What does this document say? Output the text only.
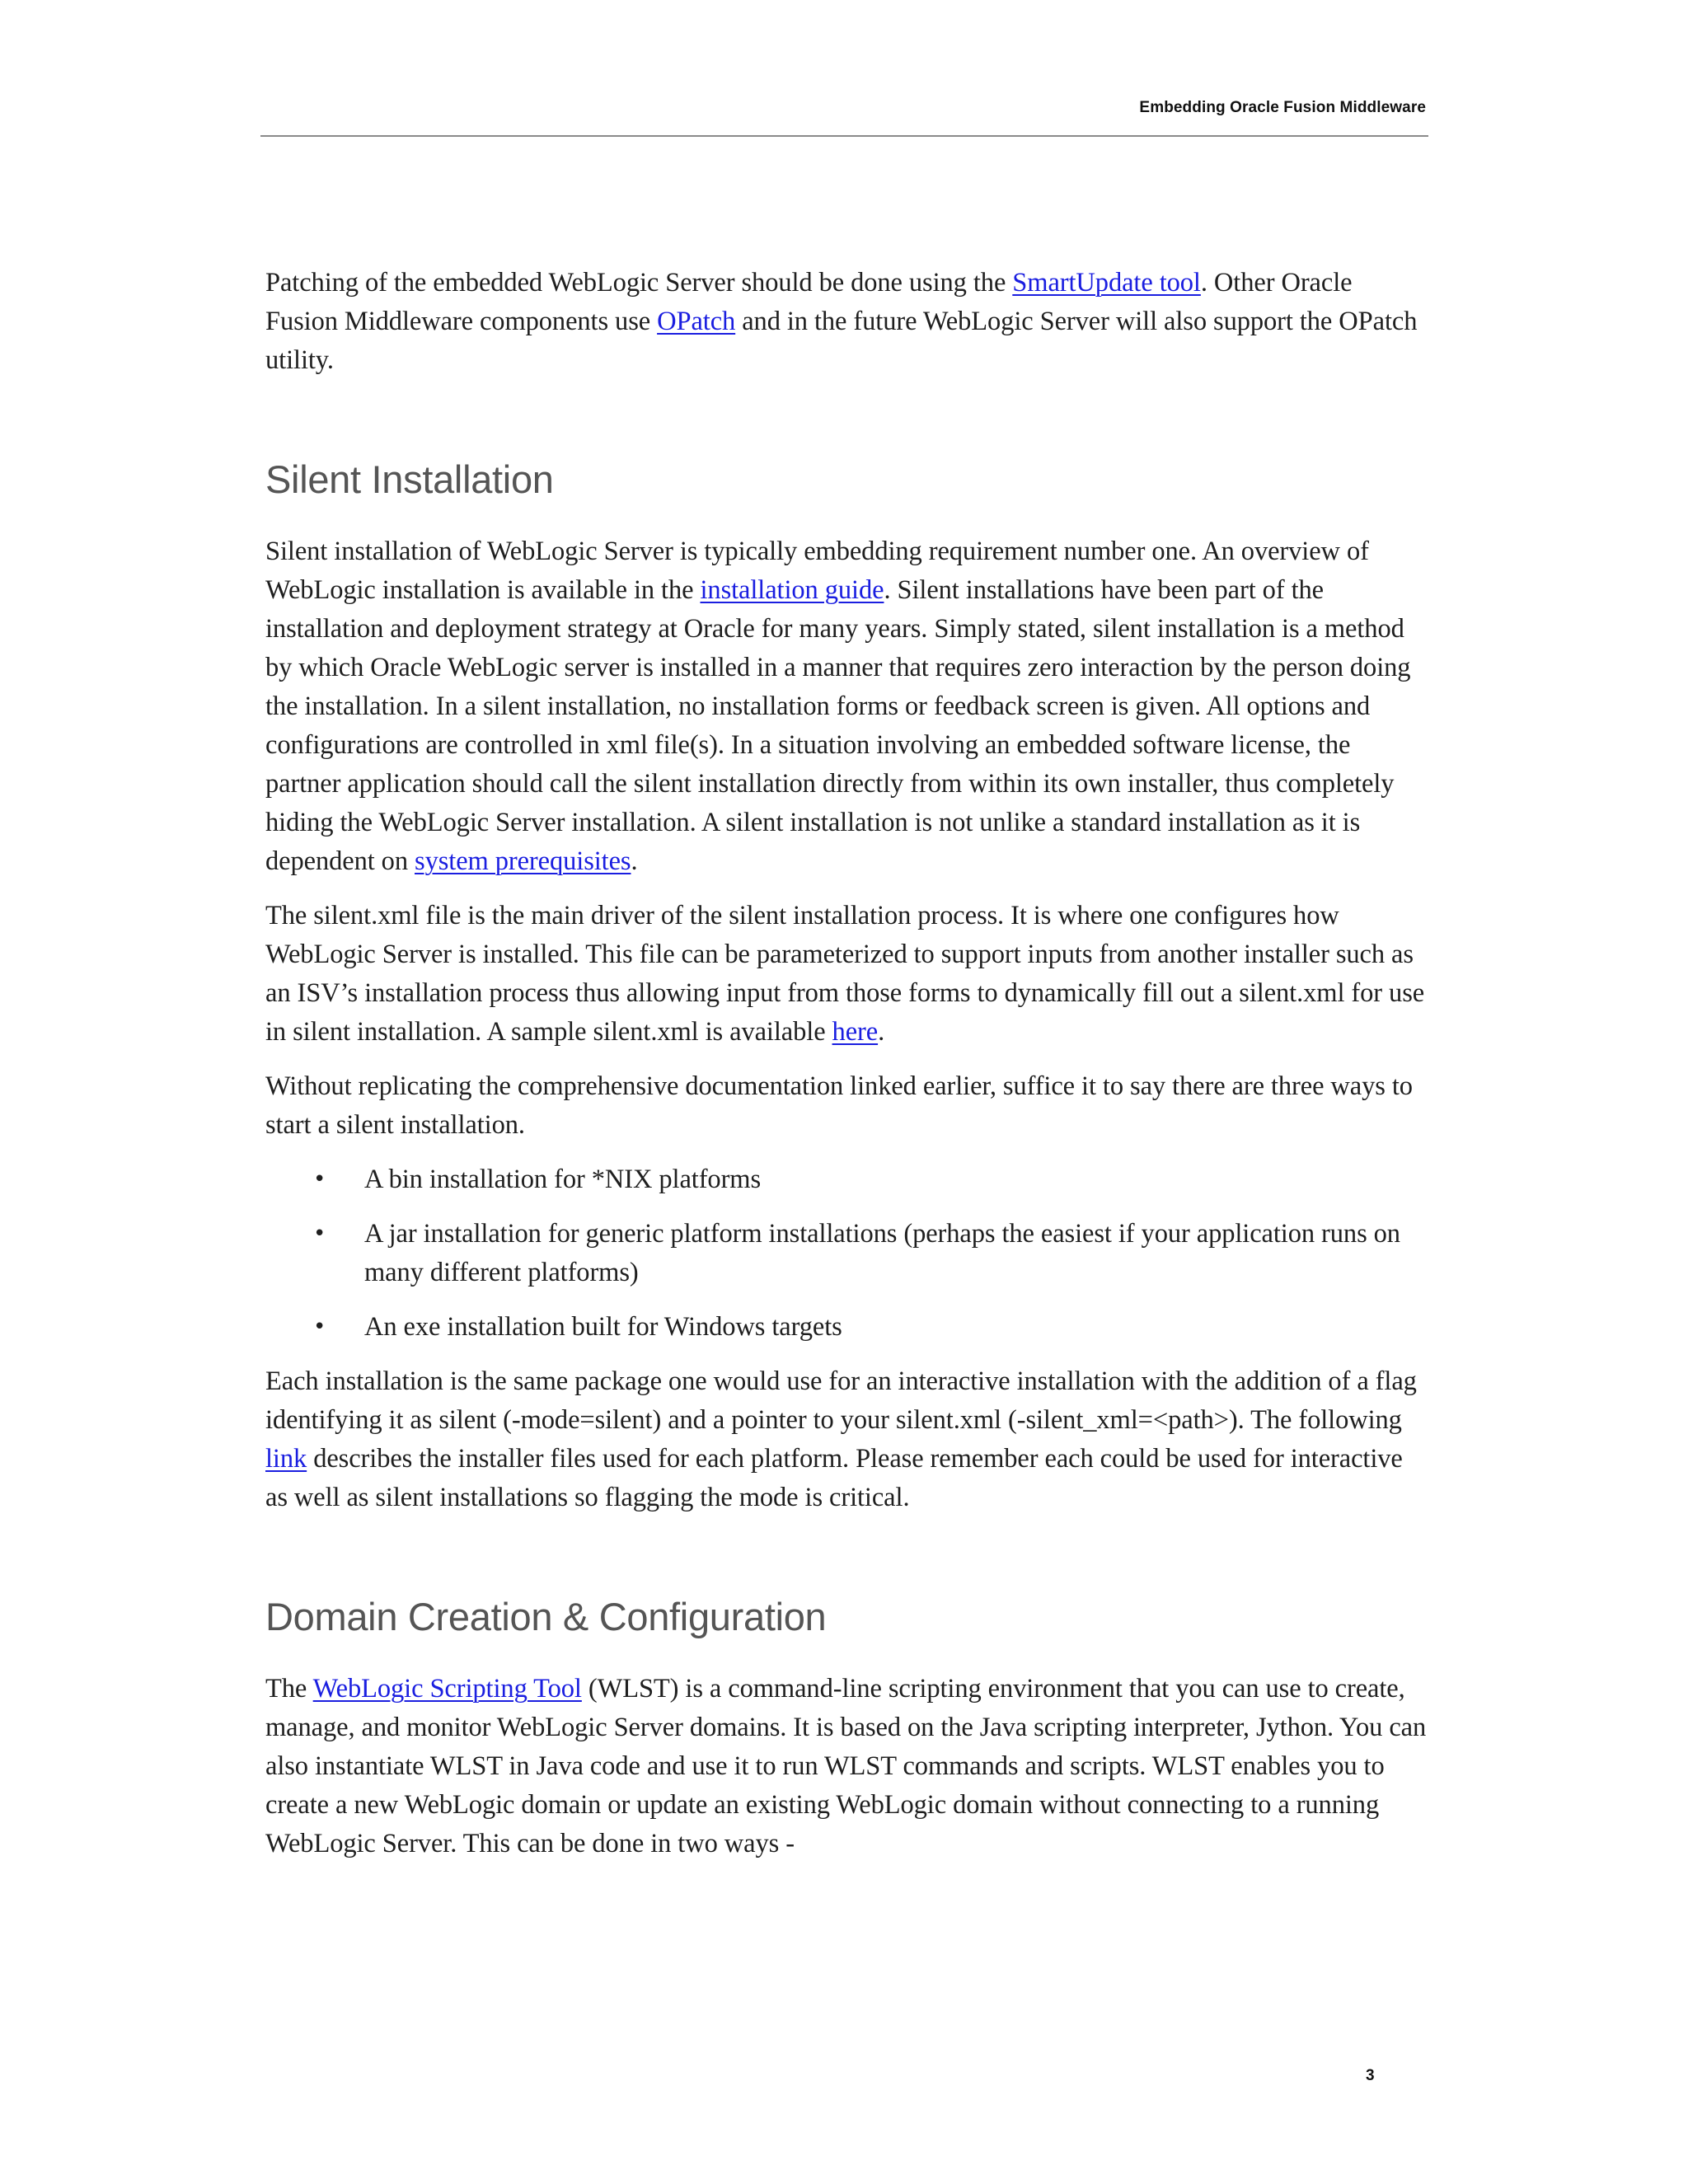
Embedding Oracle Fusion Middleware

Patching of the embedded WebLogic Server should be done using the SmartUpdate tool. Other Oracle Fusion Middleware components use OPatch and in the future WebLogic Server will also support the OPatch utility.

Silent Installation

Silent installation of WebLogic Server is typically embedding requirement number one. An overview of WebLogic installation is available in the installation guide. Silent installations have been part of the installation and deployment strategy at Oracle for many years. Simply stated, silent installation is a method by which Oracle WebLogic server is installed in a manner that requires zero interaction by the person doing the installation. In a silent installation, no installation forms or feedback screen is given. All options and configurations are controlled in xml file(s). In a situation involving an embedded software license, the partner application should call the silent installation directly from within its own installer, thus completely hiding the WebLogic Server installation. A silent installation is not unlike a standard installation as it is dependent on system prerequisites.

The silent.xml file is the main driver of the silent installation process. It is where one configures how WebLogic Server is installed. This file can be parameterized to support inputs from another installer such as an ISV’s installation process thus allowing input from those forms to dynamically fill out a silent.xml for use in silent installation. A sample silent.xml is available here.

Without replicating the comprehensive documentation linked earlier, suffice it to say there are three ways to start a silent installation.

• A bin installation for *NIX platforms
• A jar installation for generic platform installations (perhaps the easiest if your application runs on many different platforms)
• An exe installation built for Windows targets

Each installation is the same package one would use for an interactive installation with the addition of a flag identifying it as silent (-mode=silent) and a pointer to your silent.xml (-silent_xml=<path>). The following link describes the installer files used for each platform. Please remember each could be used for interactive as well as silent installations so flagging the mode is critical.

Domain Creation & Configuration

The WebLogic Scripting Tool (WLST) is a command-line scripting environment that you can use to create, manage, and monitor WebLogic Server domains. It is based on the Java scripting interpreter, Jython. You can also instantiate WLST in Java code and use it to run WLST commands and scripts. WLST enables you to create a new WebLogic domain or update an existing WebLogic domain without connecting to a running WebLogic Server. This can be done in two ways -

3
